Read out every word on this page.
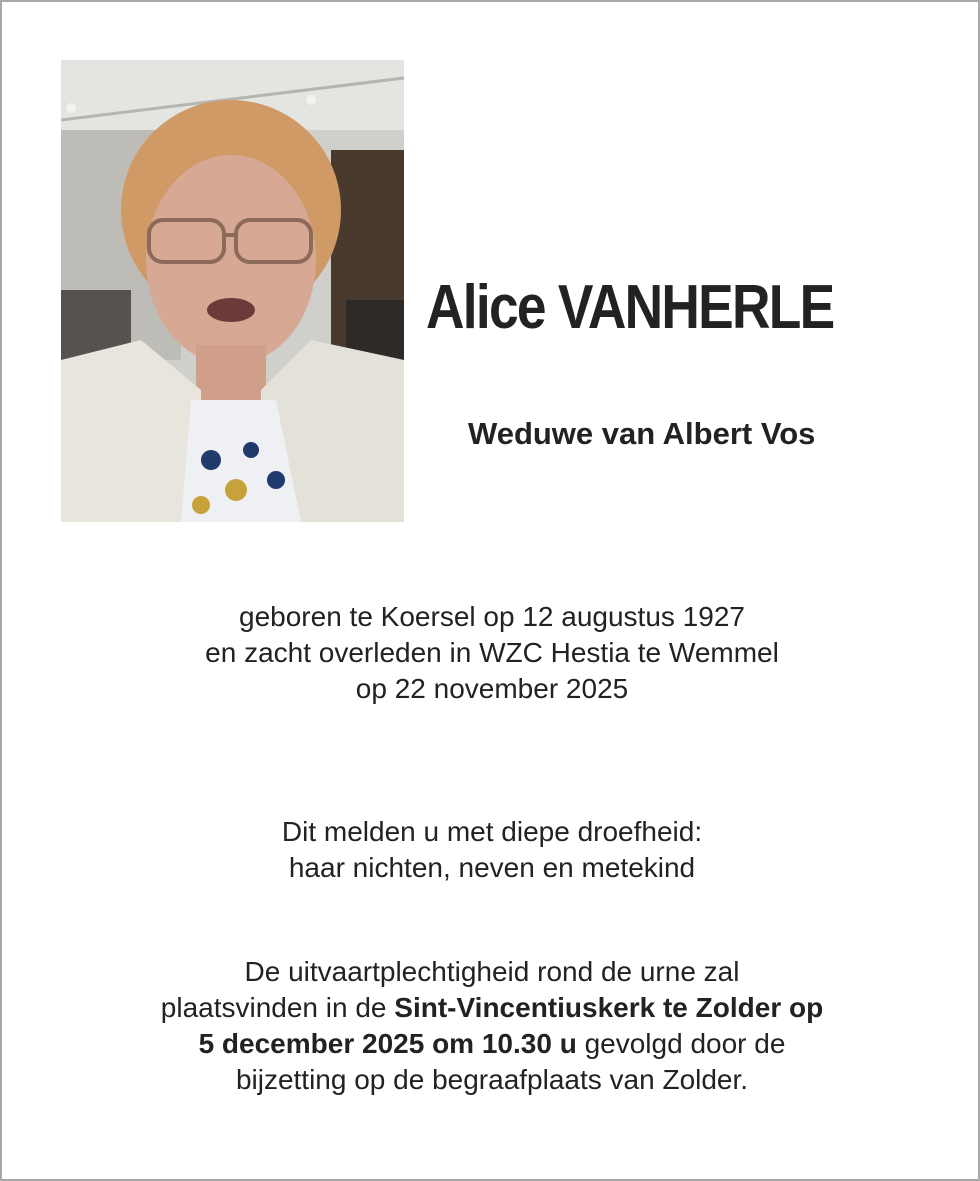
Alice VANHERLE
Weduwe van Albert Vos

geboren te Koersel op 12 augustus 1927

en zacht overleden in WZC Hestia te Wemmel

op 22 november 2025

Dit melden u met diepe droefheid:

haar nichten, neven en metekind

De uitvaartplechtigheid rond de urne zal

plaatsvinden in de Sint-Vincentiuskerk te Zolder op

5 december 2025 om 10.30 u gevolgd door de

bijzetting op de begraafplaats van Zolder.
